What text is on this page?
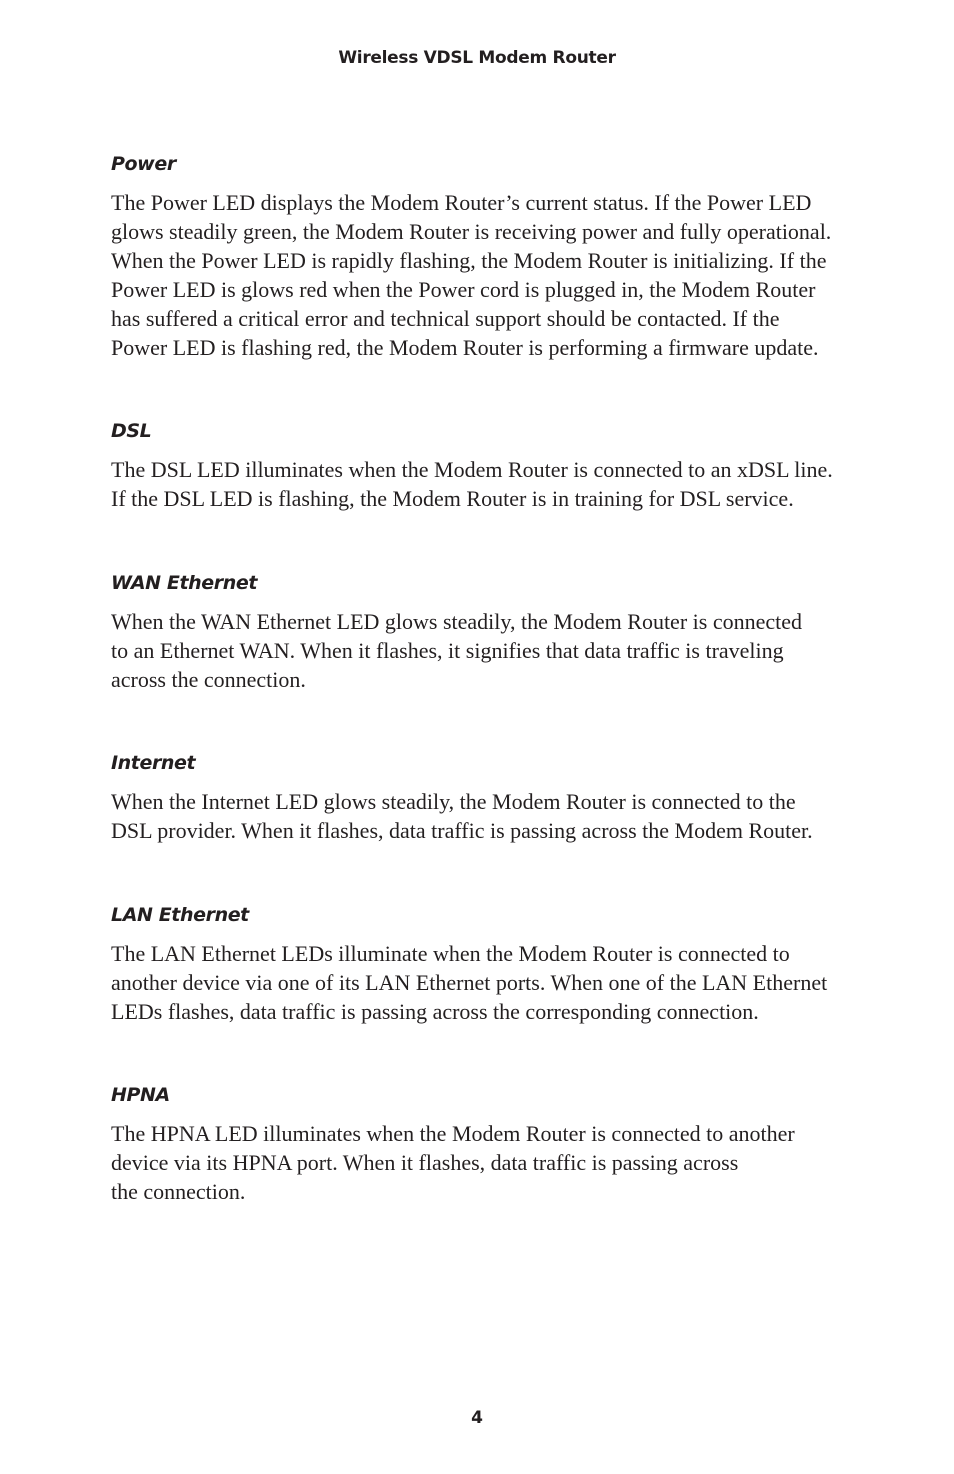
Wireless VDSL Modem Router
Power

The Power LED displays the Modem Router’s current status. If the Power LED
glows steadily green, the Modem Router is receiving power and fully operational.
When the Power LED is rapidly flashing, the Modem Router is initializing. If the
Power LED is glows red when the Power cord is plugged in, the Modem Router
has suffered a critical error and technical support should be contacted. If the
Power LED is flashing red, the Modem Router is performing a firmware update.

DSL

The DSL LED illuminates when the Modem Router is connected to an xDSL line.
If the DSL LED is flashing, the Modem Router is in training for DSL service.

WAN Ethernet

When the WAN Ethernet LED glows steadily, the Modem Router is connected
to an Ethernet WAN. When it flashes, it signifies that data traffic is traveling
across the connection.

Internet

When the Internet LED glows steadily, the Modem Router is connected to the
DSL provider. When it flashes, data traffic is passing across the Modem Router.

LAN Ethernet

The LAN Ethernet LEDs illuminate when the Modem Router is connected to
another device via one of its LAN Ethernet ports. When one of the LAN Ethernet
LEDs flashes, data traffic is passing across the corresponding connection.

HPNA

The HPNA LED illuminates when the Modem Router is connected to another
device via its HPNA port. When it flashes, data traffic is passing across
the connection.

4
